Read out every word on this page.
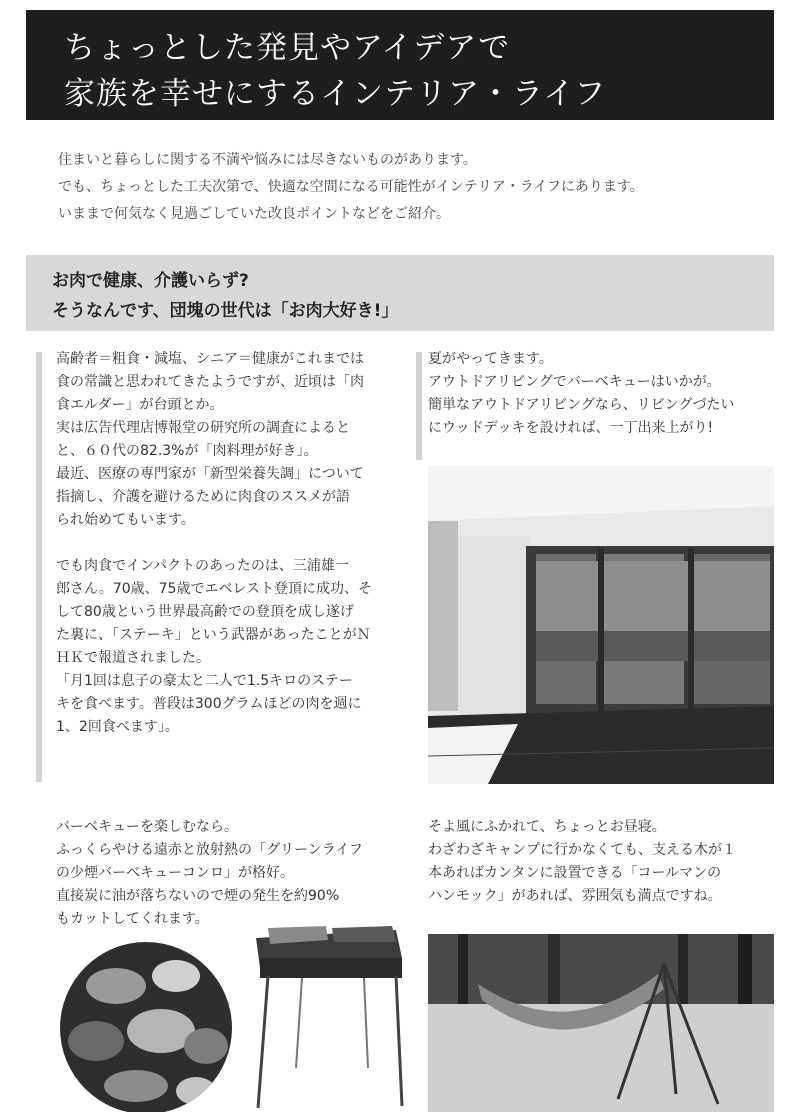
ちょっとした発見やアイデアで
家族を幸せにするインテリア・ライフ

住まいと暮らしに関する不満や悩みには尽きないものがあります。

でも、ちょっとした工夫次第で、快適な空間になる可能性がインテリア・ライフにあります。

いままで何気なく見過ごしていた改良ポイントなどをご紹介。

お肉で健康、介護いらず?
そうなんです、団塊の世代は「お肉大好き!」

高齢者＝粗食・減塩、シニア＝健康がこれまでは

食の常識と思われてきたようですが、近頃は「肉

食エルダー」が台頭とか。

実は広告代理店博報堂の研究所の調査によると

と、６０代の82.3%が「肉料理が好き」。

最近、医療の専門家が「新型栄養失調」について

指摘し、介護を避けるために肉食のススメが語

られ始めてもいます。

でも肉食でインパクトのあったのは、三浦雄一

郎さん。70歳、75歳でエベレスト登頂に成功、そ

して80歳という世界最高齢での登頂を成し遂げ

た裏に、「ステーキ」という武器があったことがＮ

ＨＫで報道されました。

「月1回は息子の豪太と二人で1.5キロのステー

キを食べます。普段は300グラムほどの肉を週に

1、2回食べます」。

夏がやってきます。

アウトドアリビングでバーベキューはいかが。

簡単なアウトドアリビングなら、リビングづたい

にウッドデッキを設ければ、一丁出来上がり!

バーベキューを楽しむなら。

ふっくらやける遠赤と放射熱の「グリーンライフ

の少煙バーベキューコンロ」が格好。

直接炭に油が落ちないので煙の発生を約90%

もカットしてくれます。

そよ風にふかれて、ちょっとお昼寝。

わざわざキャンプに行かなくても、支える木が１

本あればカンタンに設置できる「コールマンの

ハンモック」があれば、雰囲気も満点ですね。
